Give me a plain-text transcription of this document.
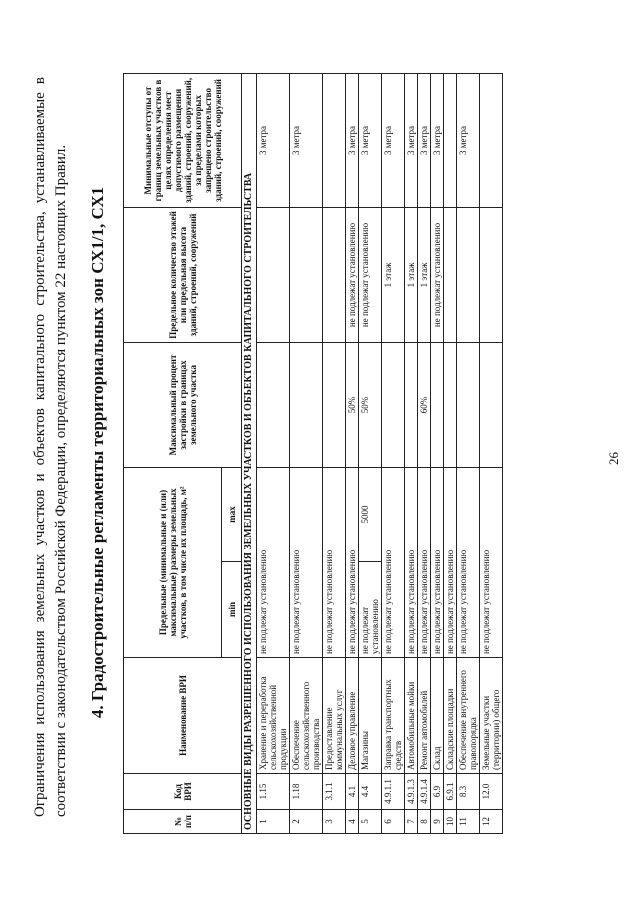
Ограничения использования земельных участков и объектов капитального строительства, устанавливаемые в соответствии с законодательством Российской Федерации, определяются пунктом 22 настоящих Правил. 4. Градостроительные регламенты территориальных зон СХ1/1, СХ1
№ п/п	Код ВРИ	Наименование ВРИ	Предельные (минимальные и (или) максимальные) размеры земельных участков, в том числе их площадь, м²		Максимальный процент застройки в границах земельного участка	Предельное количество этажей или предельная высота зданий, строений, сооружений	Минимальные отступы от границ земельных участков в целях определения мест допустимого размещения зданий, строений, сооружений, за пределами которых запрещено строительство зданий, строений, сооружений
			min	max			
ОСНОВНЫЕ ВИДЫ РАЗРЕШЕННОГО ИСПОЛЬЗОВАНИЯ ЗЕМЕЛЬНЫХ УЧАСТКОВ И ОБЪЕКТОВ КАПИТАЛЬНОГО СТРОИТЕЛЬСТВА							
1	1.15	Хранение и переработка сельскохозяйственной продукции	не подлежат установлению				3 метра
2	1.18	Обеспечение сельскохозяйственного производства	не подлежат установлению				3 метра
3	3.1.1	Предоставление коммунальных услуг	не подлежат установлению				
4	4.1	Деловое управление	не подлежат установлению		50%	не подлежат установлению	3 метра
5	4.4	Магазины	не подлежат установлению	5000	50%	не подлежат установлению	3 метра
6	4.9.1.1	Заправка транспортных средств	не подлежат установлению			1 этаж	3 метра
7	4.9.1.3	Автомобильные мойки	не подлежат установлению			1 этаж	3 метра
8	4.9.1.4	Ремонт автомобилей	не подлежат установлению		60%	1 этаж	3 метра
9	6.9	Склад	не подлежат установлению			не подлежат установлению	3 метра
10	6.9.1	Складские площадки	не подлежат установлению				
11	8.3	Обеспечение внутреннего правопорядка	не подлежат установлению				3 метра
12	12.0	Земельные участки (территории) общего	не подлежат установлению				
26
